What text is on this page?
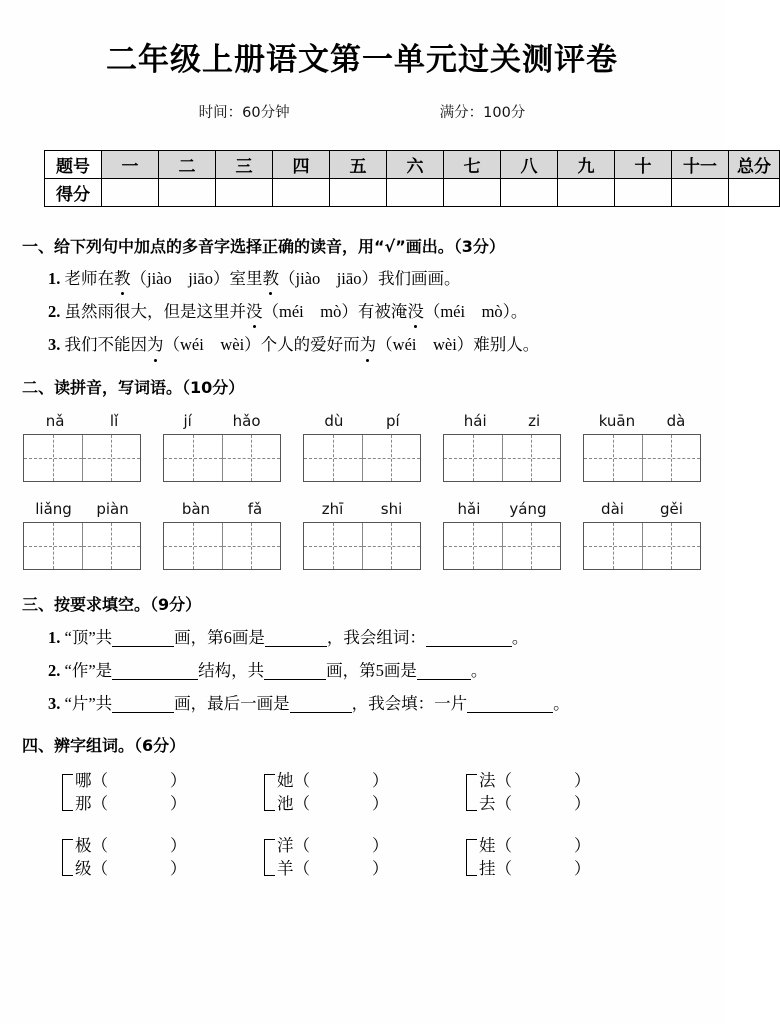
二年级上册语文第一单元过关测评卷
时间：60分钟	满分：100分
题号	一	二	三	四	五	六	七	八	九	十	十一	总分
得分												
一、给下列句中加点的多音字选择正确的读音，用“√”画出。（3分）
1. 老师在教（jiào jiāo）室里教（jiào jiāo）我们画画。
2. 虽然雨很大，但是这里并没（méi mò）有被淹没（méi mò）。
3. 我们不能因为（wéi wèi）个人的爱好而为（wéi wèi）难别人。
二、读拼音，写词语。（10分）
nǎ	lǐ	jí	hǎo	dù	pí	hái	zi	kuān dà
liǎng piàn	bàn	fǎ	zhī shi	hǎi yáng	dài gěi
三、按要求填空。（9分）
1. “顶”共	画，第6画是	，我会组词：	。
2. “作”是	结构，共	画，第5画是	。
3. “片”共	画，最后一画是	，我会填：一片	。
四、辨字组词。（6分）
哪（	）
那（	）
她（	）
池（	）
法（	）
去（	）
极（	）
级（	）
洋（	）
羊（	）
娃（	）
挂（	）
